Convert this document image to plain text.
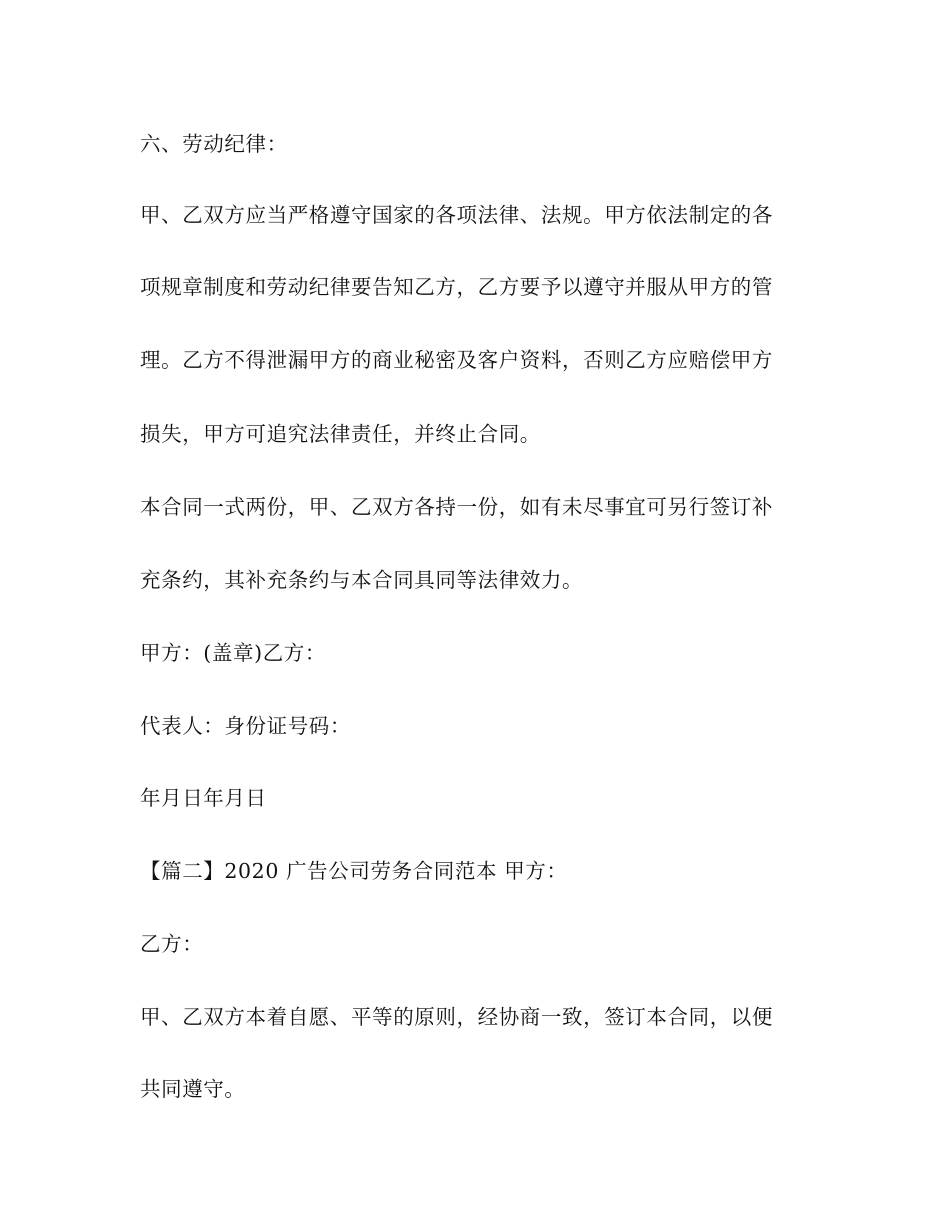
六、劳动纪律：
甲、乙双方应当严格遵守国家的各项法律、法规。甲方依法制定的各
项规章制度和劳动纪律要告知乙方，乙方要予以遵守并服从甲方的管
理。乙方不得泄漏甲方的商业秘密及客户资料，否则乙方应赔偿甲方
损失，甲方可追究法律责任，并终止合同。
本合同一式两份，甲、乙双方各持一份，如有未尽事宜可另行签订补
充条约，其补充条约与本合同具同等法律效力。
甲方：(盖章)乙方：
代表人：身份证号码：
年月日年月日
【篇二】2020 广告公司劳务合同范本 甲方：
乙方：
甲、乙双方本着自愿、平等的原则，经协商一致，签订本合同，以便
共同遵守。
